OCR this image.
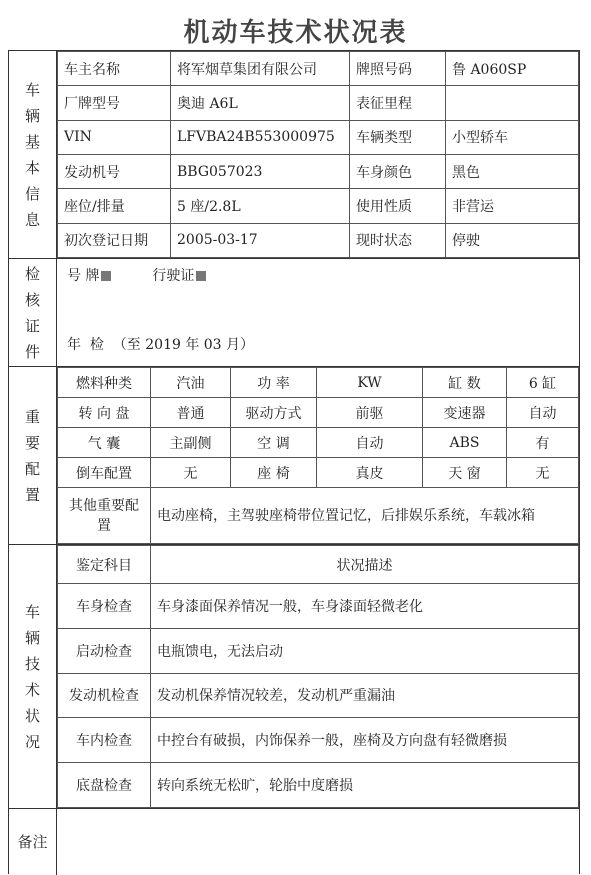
机动车技术状况表
车辆基本信息
车主名称	将军烟草集团有限公司	牌照号码	鲁 A060SP
厂牌型号	奥迪 A6L	表征里程	
VIN	LFVBA24B553000975	车辆类型	小型轿车
发动机号	BBG057023	车身颜色	黑色
座位/排量	5 座/2.8L	使用性质	非营运
初次登记日期	2005-03-17	现时状态	停驶
检核证件
号 牌	行驶证
年  检  （至 2019 年 03 月）
重要配置
燃料种类	汽油	功 率	KW	缸 数	6 缸
转 向 盘	普通	驱动方式	前驱	变速器	自动
气 囊	主副侧	空 调	自动	ABS	有
倒车配置	无	座 椅	真皮	天 窗	无
其他重要配 置	电动座椅，主驾驶座椅带位置记忆，后排娱乐系统，车载冰箱				
车辆技术状况
鉴定科目	状况描述
车身检查	车身漆面保养情况一般，车身漆面轻微老化
启动检查	电瓶馈电，无法启动
发动机检查	发动机保养情况较差，发动机严重漏油
车内检查	中控台有破损，内饰保养一般，座椅及方向盘有轻微磨损
底盘检查	转向系统无松旷，轮胎中度磨损
备注
